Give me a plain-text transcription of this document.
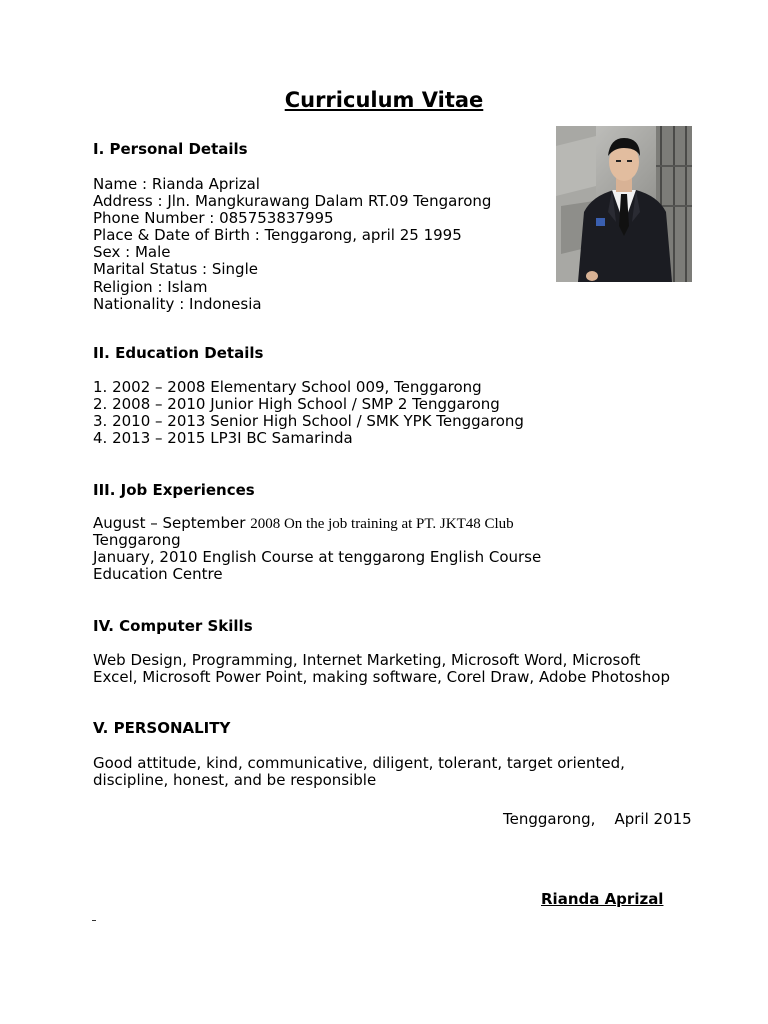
Curriculum Vitae
I. Personal Details
Name : Rianda Aprizal
Address : Jln. Mangkurawang Dalam RT.09 Tengarong
Phone Number : 085753837995
Place & Date of Birth : Tenggarong, april 25 1995
Sex : Male
Marital Status : Single
Religion : Islam
Nationality : Indonesia
II. Education Details
1. 2002 – 2008 Elementary School 009, Tenggarong
2. 2008 – 2010 Junior High School / SMP 2 Tenggarong
3. 2010 – 2013 Senior High School / SMK YPK Tenggarong
4. 2013 – 2015 LP3I BC Samarinda
III. Job Experiences
August – September 2008 On the job training at PT. JKT48 Club
Tenggarong
January, 2010 English Course at tenggarong English Course
Education Centre
IV. Computer Skills
Web Design, Programming, Internet Marketing, Microsoft Word, Microsoft Excel, Microsoft Power Point, making software, Corel Draw, Adobe Photoshop
V. PERSONALITY
Good attitude, kind, communicative, diligent, tolerant, target oriented, discipline, honest, and be responsible
Tenggarong,    April 2015
Rianda Aprizal
